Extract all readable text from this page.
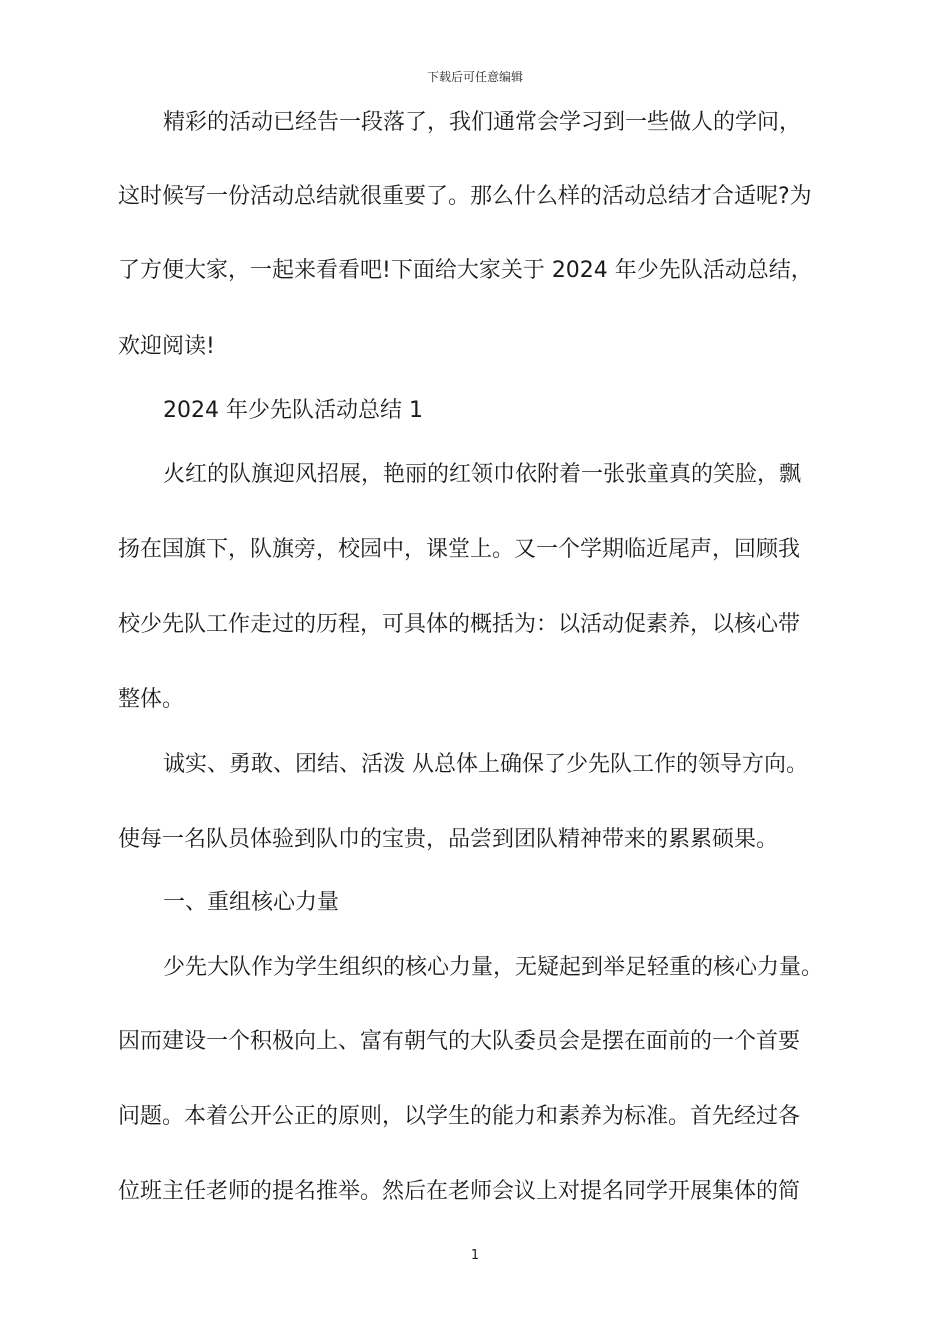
下载后可任意编辑
精彩的活动已经告一段落了，我们通常会学习到一些做人的学问，
这时候写一份活动总结就很重要了。那么什么样的活动总结才合适呢?为
了方便大家，一起来看看吧!下面给大家关于 2024 年少先队活动总结，
欢迎阅读!
2024 年少先队活动总结 1
火红的队旗迎风招展，艳丽的红领巾依附着一张张童真的笑脸，飘
扬在国旗下，队旗旁，校园中，课堂上。又一个学期临近尾声，回顾我
校少先队工作走过的历程，可具体的概括为：以活动促素养，以核心带
整体。
诚实、勇敢、团结、活泼 从总体上确保了少先队工作的领导方向。
使每一名队员体验到队巾的宝贵，品尝到团队精神带来的累累硕果。
一、重组核心力量
少先大队作为学生组织的核心力量，无疑起到举足轻重的核心力量。
因而建设一个积极向上、富有朝气的大队委员会是摆在面前的一个首要
问题。本着公开公正的原则，以学生的能力和素养为标准。首先经过各
位班主任老师的提名推举。然后在老师会议上对提名同学开展集体的简
1
